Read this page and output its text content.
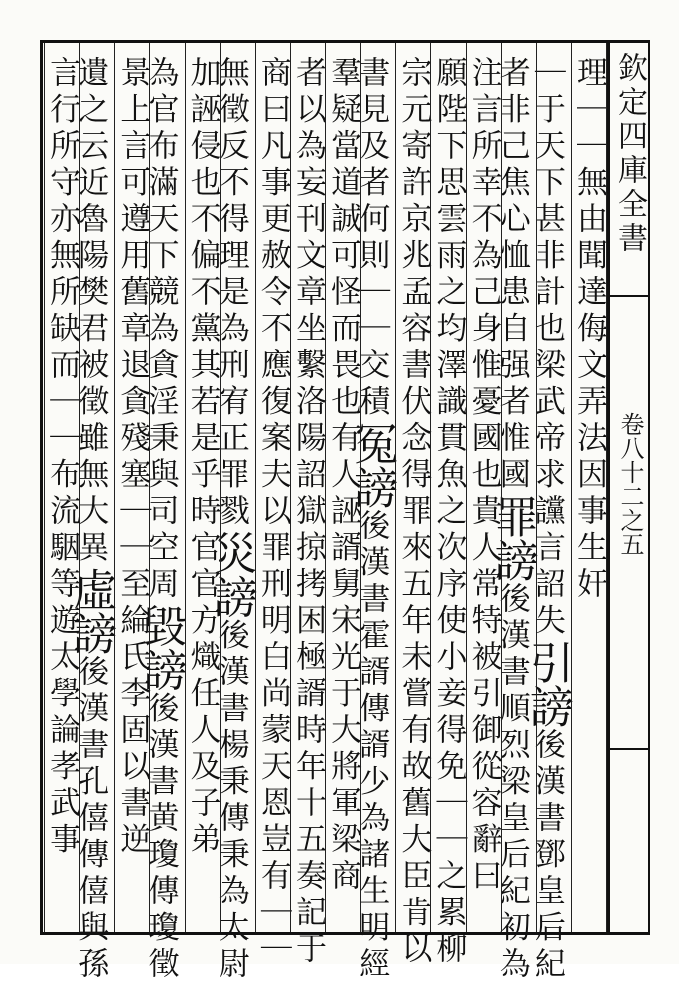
欽定四庫全書
卷八十二之五
理｜｜無由聞達侮文弄法因事生奸
｜于天下甚非計也梁武帝求讜言詔失引謗後漢書鄧皇后紀
者非己焦心恤患自强者惟國罪謗後漢書順烈梁皇后紀初為
注言所幸不為己身惟憂國也貴人常特被引御從容辭曰
願陛下思雲雨之均澤識貫魚之次序使小妾得免｜｜之累柳
宗元寄許京兆孟容書伏念得罪來五年未嘗有故舊大臣肯以
書見及者何則｜｜交積冤謗後漢書霍諝傳諝少為諸生明經
羣疑當道誠可怪而畏也有人誣諝舅宋光于大將軍梁商
者以為妄刊文章坐繫洛陽詔獄掠拷困極諝時年十五奏記于
商曰凡事更赦令不應復案夫以罪刑明白尚蒙天恩豈有｜｜
無徵反不得理是為刑宥正罪戮災謗後漢書楊秉傳秉為太尉
加誣侵也不偏不黨其若是乎時官官方熾任人及子弟
為官布滿天下競為貪淫秉與司空周毀謗後漢書黄瓊傳瓊徵
景上言可遵用舊章退貪殘塞｜｜至綸氏李固以書逆
遺之云近魯陽樊君被徵雖無大異虛謗後漢書孔僖傳僖與孫
言行所守亦無所缺而｜｜布流駰等遊太學論孝武事
